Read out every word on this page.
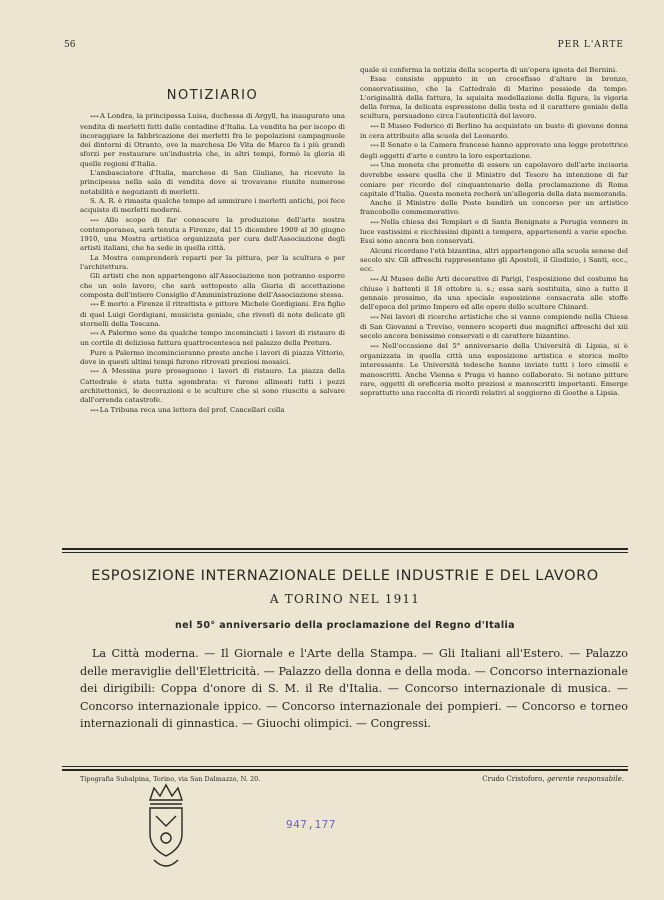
56	PER L'ARTE
NOTIZIARIO

∗∗∗ A Londra, la principessa Luisa, duchessa di Argyll, ha inaugurato una vendita di merletti fatti dalle contadine d'Italia. La vendita ha per iscopo di incoraggiare la fabbricazione dei merletti fra le popolazioni campagnuole dei dintorni di Otranto, ove la marchesa De Vita de Marco fa i più grandi sforzi per restaurare un'industria che, in altri tempi, formò la gloria di quelle regioni d'Italia.

L'ambasciatore d'Italia, marchese di San Giuliano, ha ricevuto la principessa nella sala di vendita dove si trovavano riunite numerose notabilità e negozianti di merletti.

S. A. R. è rimasta qualche tempo ad ammirare i merletti antichi, poi fece acquisto di merletti moderni.

∗∗∗ Allo scopo di far conoscere la produzione dell'arte nostra contemporanea, sarà tenuta a Firenze, dal 15 dicembre 1909 al 30 giugno 1910, una Mostra artistica organizzata per cura dell'Associazione degli artisti italiani, che ha sede in quella città.

La Mostra comprenderà reparti per la pittura, per la scultura e per l'architettura.

Gli artisti che non appartengono all'Associazione non potranno esporre che un solo lavoro, che sarà sottoposto alla Giuria di accettazione composta dell'intiero Consiglio d'Amministrazione dell'Associazione stessa.

∗∗∗ È morto a Firenze il ritrattista e pittore Michele Gordigiani. Era figlio di quel Luigi Gordigiani, musicista geniale, che rivestì di note delicate gli stornelli della Toscana.

∗∗∗ A Palermo sono da qualche tempo incominciati i lavori di ristauro di un cortile di deliziosa fattura quattrocentesca nel palazzo della Pretura.

Pure a Palermo incomincieranno presto anche i lavori di piazza Vittorio, dove in questi ultimi tempi furono ritrovati preziosi mosaici.

∗∗∗ A Messina pure proseguono i lavori di ristauro. La piazza della Cattedrale è stata tutta sgombrata: vi furono allineati tutti i pezzi architettonici, le decorazioni e le sculture che si sono riuscite a salvare dall'orrenda catastrofe.

∗∗∗ La Tribuna reca una lettera del prof. Cancellari colla

quale si conferma la notizia della scoperta di un'opera ignota del Bernini.

Essa consiste appunto in un crocefisso d'altare in bronzo, conservatissimo, che la Cattedrale di Marino possiede da tempo. L'originalità della fattura, la squisita modellazione della figura, la vigoria della forma, la delicata espressione della testa ed il carattere geniale della scultura, persuadono circa l'autenticità del lavoro.

∗∗∗ Il Museo Federico di Berlino ha acquistato un busto di giovane donna in cera attribuito alla scuola del Leonardo.

∗∗∗ Il Senato e la Camera francese hanno approvato una legge protettrice degli oggetti d'arte e contro la loro esportazione.

∗∗∗ Una moneta che promette di essere un capolavoro dell'arte incisoria dovrebbe essere quella che il Ministro del Tesoro ha intenzione di far coniare per ricordo del cinquantenario della proclamazione di Roma capitale d'Italia. Questa moneta recherà un'allegoria della data memoranda.

Anche il Ministro delle Poste bandirà un concorso per un artistico francobollo commemorativo.

∗∗∗ Nella chiesa dei Templari e di Santa Benignate a Perugia vennero in luce vastissimi e ricchissimi dipinti a tempera, appartenenti a varie epoche. Essi sono ancora ben conservati.

Alcuni ricordano l'età bizantina, altri appartengono alla scuola senese del secolo xiv. Gli affreschi rappresentano gli Apostoli, il Giudizio, i Santi, ecc., ecc.

∗∗∗ Al Museo delle Arti decorative di Parigi, l'esposizione del costume ha chiuso i battenti il 18 ottobre u. s.; essa sarà sostituita, sino a tutto il gennaio prossimo, da una speciale esposizione consacrata alle stoffe dell'epoca del primo Impero ed alle opere dello scultore Chinard.

∗∗∗ Nei lavori di ricerche artistiche che si vanno compiendo nella Chiesa di San Giovanni a Treviso, vennero scoperti due magnifici affreschi del xiii secolo ancora benissimo conservati e di carattere bizantino.

∗∗∗ Nell'occasione del 5° anniversario della Università di Lipsia, si è organizzata in quella città una esposizione artistica e storica molto interessante. Le Università tedesche hanno inviato tutti i loro cimelii e manoscritti. Anche Vienna e Praga vi hanno collaborato. Si notano pitture rare, oggetti di oreficeria molto preziosi e manoscritti importanti. Emerge soprattutto una raccolta di ricordi relativi al soggiorno di Goethe a Lipsia.

ESPOSIZIONE INTERNAZIONALE DELLE INDUSTRIE E DEL LAVORO
A TORINO NEL 1911
nel 50° anniversario della proclamazione del Regno d'Italia

La Città moderna. — Il Giornale e l'Arte della Stampa. — Gli Italiani all'Estero. — Palazzo delle meraviglie dell'Elettricità. — Palazzo della donna e della moda. — Concorso internazionale dei dirigibili: Coppa d'onore di S. M. il Re d'Italia. — Concorso internazionale di musica. — Concorso internazionale ippico. — Concorso internazionale dei pompieri. — Concorso e torneo internazionali di ginnastica. — Giuochi olimpici. — Congressi.

Tipografia Subalpina, Torino, via San Dalmazzo, N. 20.	Crudo Cristoforo, gerente responsabile.
947,177
